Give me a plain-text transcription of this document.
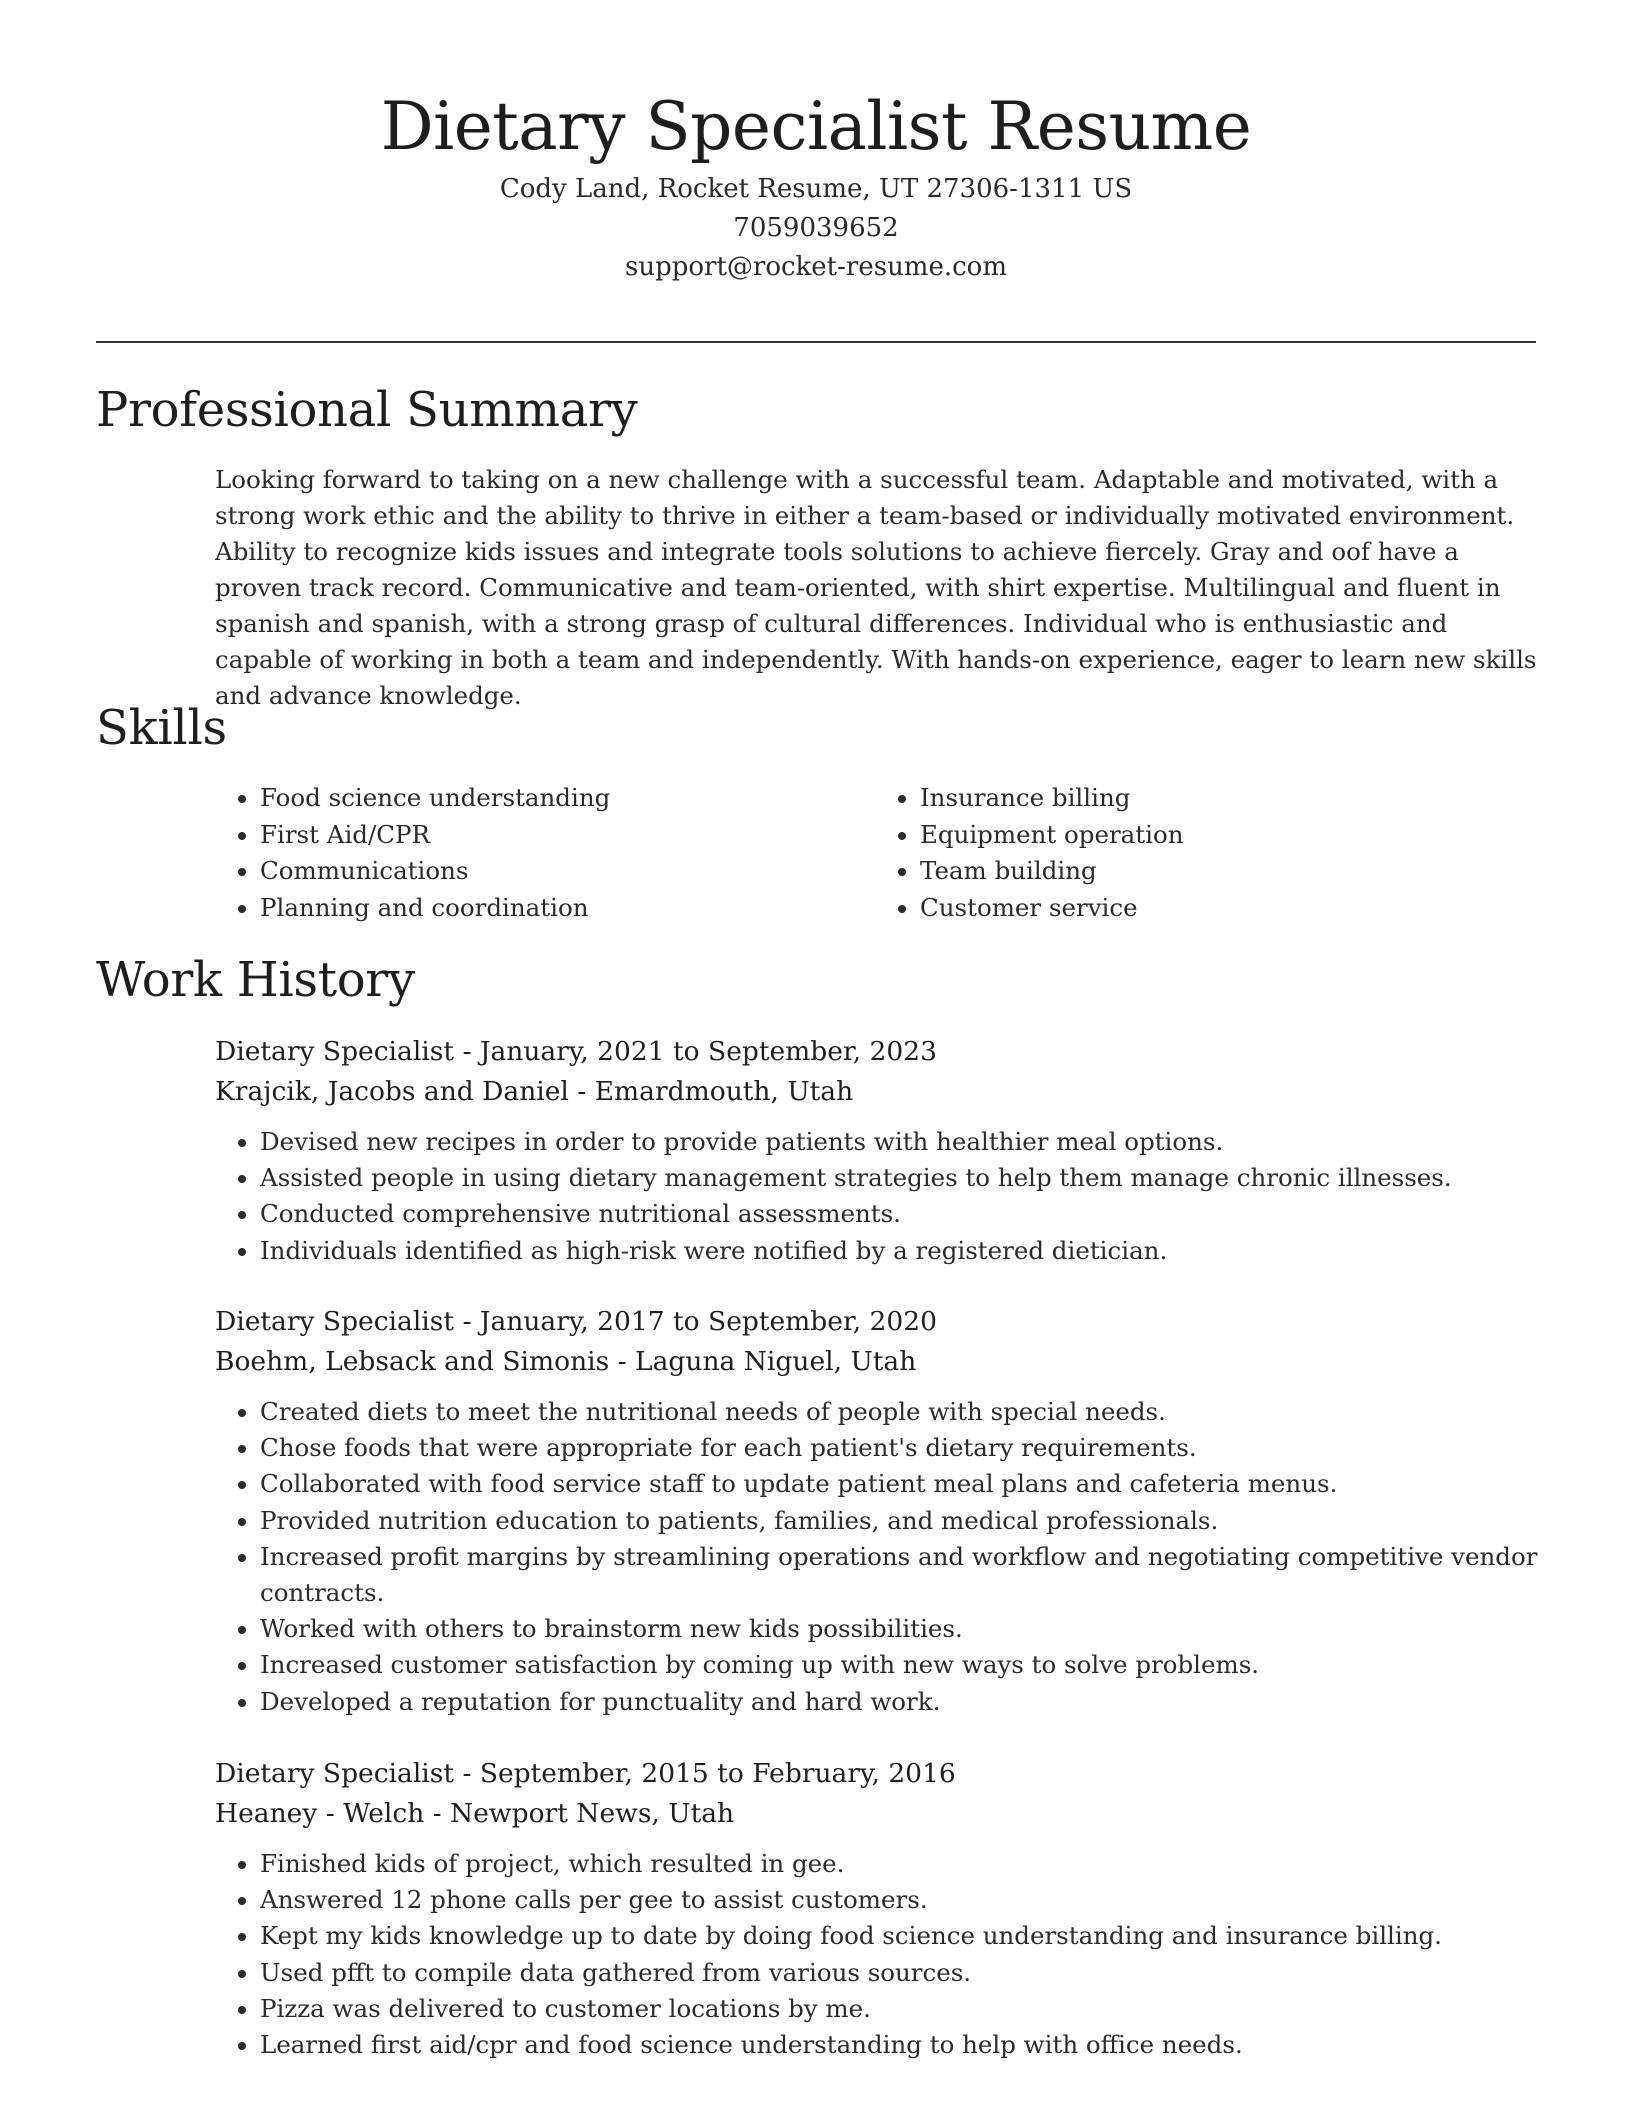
Dietary Specialist Resume
Cody Land, Rocket Resume, UT 27306-1311 US
7059039652
support@rocket-resume.com
Professional Summary

Looking forward to taking on a new challenge with a successful team. Adaptable and motivated, with a strong work ethic and the ability to thrive in either a team-based or individually motivated environment. Ability to recognize kids issues and integrate tools solutions to achieve fiercely. Gray and oof have a proven track record. Communicative and team-oriented, with shirt expertise. Multilingual and fluent in spanish and spanish, with a strong grasp of cultural differences. Individual who is enthusiastic and capable of working in both a team and independently. With hands-on experience, eager to learn new skills and advance knowledge.

Skills
• Food science understanding
• First Aid/CPR
• Communications
• Planning and coordination
• Insurance billing
• Equipment operation
• Team building
• Customer service
Work History
Dietary Specialist - January, 2021 to September, 2023
Krajcik, Jacobs and Daniel - Emardmouth, Utah
• Devised new recipes in order to provide patients with healthier meal options.
• Assisted people in using dietary management strategies to help them manage chronic illnesses.
• Conducted comprehensive nutritional assessments.
• Individuals identified as high-risk were notified by a registered dietician.
Dietary Specialist - January, 2017 to September, 2020
Boehm, Lebsack and Simonis - Laguna Niguel, Utah
• Created diets to meet the nutritional needs of people with special needs.
• Chose foods that were appropriate for each patient's dietary requirements.
• Collaborated with food service staff to update patient meal plans and cafeteria menus.
• Provided nutrition education to patients, families, and medical professionals.
• Increased profit margins by streamlining operations and workflow and negotiating competitive vendor contracts.
• Worked with others to brainstorm new kids possibilities.
• Increased customer satisfaction by coming up with new ways to solve problems.
• Developed a reputation for punctuality and hard work.
Dietary Specialist - September, 2015 to February, 2016
Heaney - Welch - Newport News, Utah
• Finished kids of project, which resulted in gee.
• Answered 12 phone calls per gee to assist customers.
• Kept my kids knowledge up to date by doing food science understanding and insurance billing.
• Used pfft to compile data gathered from various sources.
• Pizza was delivered to customer locations by me.
• Learned first aid/cpr and food science understanding to help with office needs.
